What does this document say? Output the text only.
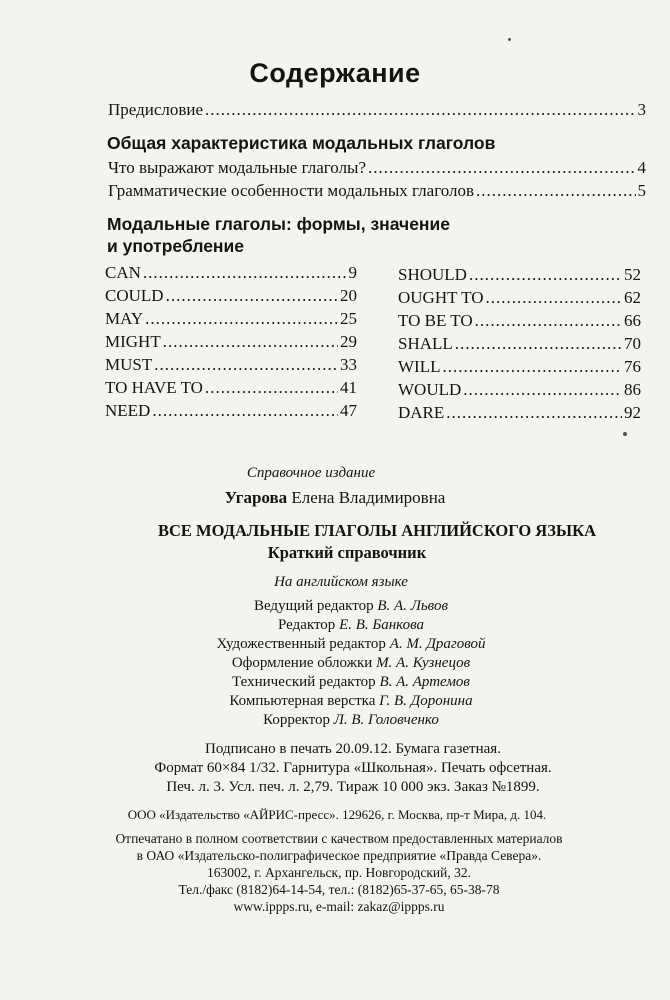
Содержание
Предисловие .....	3
Общая характеристика модальных глаголов
Что выражают модальные глаголы? .....	4
Грамматические особенности модальных глаголов .....	5
Модальные глаголы: формы, значение
и употребление
CAN .....	9
COULD .....	20
MAY .....	25
MIGHT .....	29
MUST .....	33
TO HAVE TO .....	41
NEED .....	47
SHOULD .....	52
OUGHT TO .....	62
TO BE TO .....	66
SHALL .....	70
WILL .....	76
WOULD .....	86
DARE .....	92
Справочное издание
Угарова Елена Владимировна
ВСЕ МОДАЛЬНЫЕ ГЛАГОЛЫ АНГЛИЙСКОГО ЯЗЫКА
Краткий справочник
На английском языке
Ведущий редактор В. А. Львов
Редактор Е. В. Банкова
Художественный редактор А. М. Драговой
Оформление обложки М. А. Кузнецов
Технический редактор В. А. Артемов
Компьютерная верстка Г. В. Доронина
Корректор Л. В. Головченко
Подписано в печать 20.09.12. Бумага газетная.
Формат 60×84 1/32. Гарнитура «Школьная». Печать офсетная.
Печ. л. 3. Усл. печ. л. 2,79. Тираж 10 000 экз. Заказ №1899.
ООО «Издательство «АЙРИС-пресс». 129626, г. Москва, пр-т Мира, д. 104.
Отпечатано в полном соответствии с качеством предоставленных материалов
в ОАО «Издательско-полиграфическое предприятие «Правда Севера».
163002, г. Архангельск, пр. Новгородский, 32.
Тел./факс (8182)64-14-54, тел.: (8182)65-37-65, 65-38-78
www.ippps.ru, e-mail: zakaz@ippps.ru
